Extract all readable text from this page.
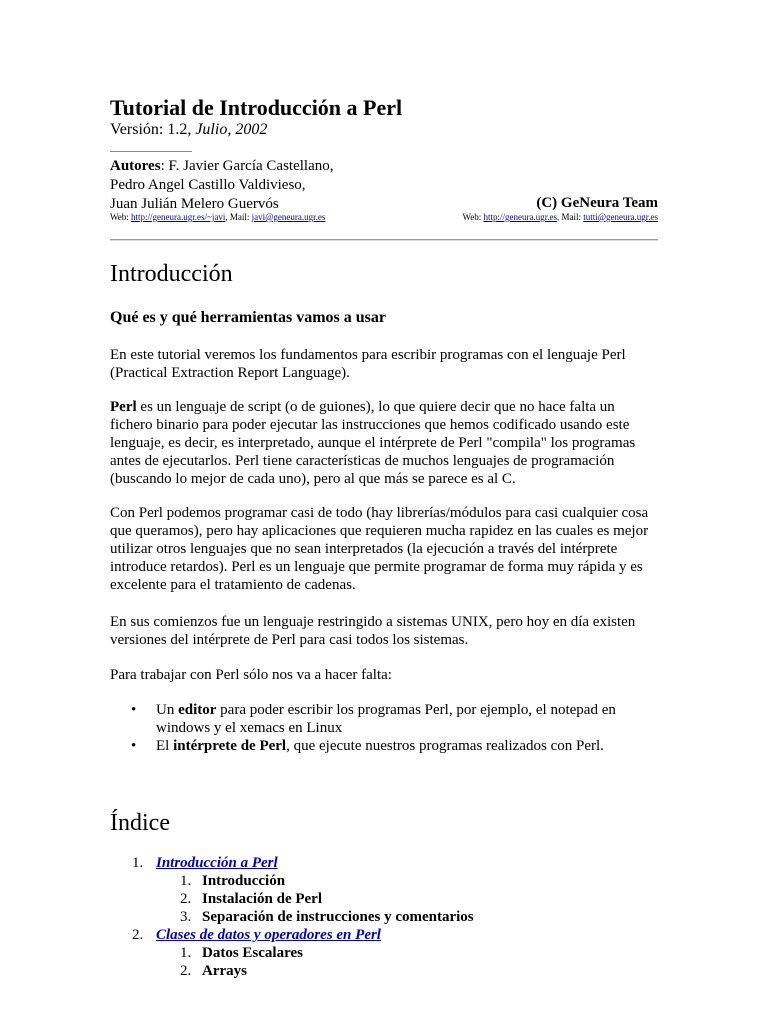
Tutorial de Introducción a Perl
Versión: 1.2, Julio, 2002
Autores: F. Javier García Castellano,
Pedro Angel Castillo Valdivieso,
Juan Julián Melero Guervós	(C) GeNeura Team
Web: http://geneura.ugr.es/~javi, Mail: javi@geneura.ugr.es	Web: http://geneura.ugr.es, Mail: tutti@geneura.ugr.es
Introducción
Qué es y qué herramientas vamos a usar

En este tutorial veremos los fundamentos para escribir programas con el lenguaje Perl (Practical Extraction Report Language).

Perl es un lenguaje de script (o de guiones), lo que quiere decir que no hace falta un fichero binario para poder ejecutar las instrucciones que hemos codificado usando este lenguaje, es decir, es interpretado, aunque el intérprete de Perl "compila" los programas antes de ejecutarlos. Perl tiene características de muchos lenguajes de programación (buscando lo mejor de cada uno), pero al que más se parece es al C.

Con Perl podemos programar casi de todo (hay librerías/módulos para casi cualquier cosa que queramos), pero hay aplicaciones que requieren mucha rapidez en las cuales es mejor utilizar otros lenguajes que no sean interpretados (la ejecución a través del intérprete introduce retardos). Perl es un lenguaje que permite programar de forma muy rápida y es excelente para el tratamiento de cadenas.

En sus comienzos fue un lenguaje restringido a sistemas UNIX, pero hoy en día existen versiones del intérprete de Perl para casi todos los sistemas.

Para trabajar con Perl sólo nos va a hacer falta:

• Un editor para poder escribir los programas Perl, por ejemplo, el notepad en windows y el xemacs en Linux
• El intérprete de Perl, que ejecute nuestros programas realizados con Perl.
Índice
1. Introducción a Perl
1. Introducción
2. Instalación de Perl
3. Separación de instrucciones y comentarios
2. Clases de datos y operadores en Perl
1. Datos Escalares
2. Arrays
